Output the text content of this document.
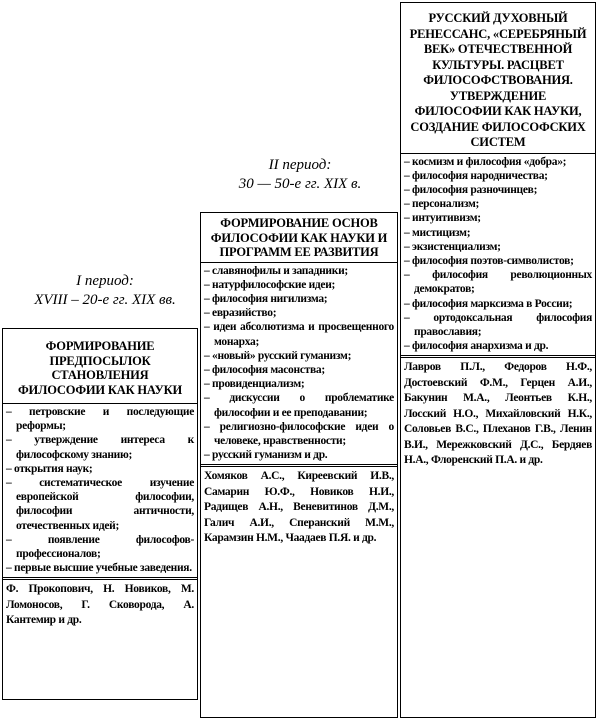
I период:
XVIII – 20-е гг. XIX вв.
II период:
30 — 50-е гг. XIX в.
ФОРМИРОВАНИЕ ПРЕДПОСЫЛОК СТАНОВЛЕНИЯ ФИЛОСОФИИ КАК НАУКИ
– петровские и последующие реформы;
– утверждение интереса к философскому знанию;
– открытия наук;
– систематическое изучение европейской философии, философии античности, отечественных идей;
– появление философов-профессионалов;
– первые высшие учебные заведения.
Ф. Прокопович, Н. Новиков, М. Ломоносов, Г. Сковорода, А. Кантемир и др.
ФОРМИРОВАНИЕ ОСНОВ ФИЛОСОФИИ КАК НАУКИ И ПРОГРАММ ЕЕ РАЗВИТИЯ
– славянофилы и западники;
– натурфилософские идеи;
– философия нигилизма;
– евразийство;
– идеи абсолютизма и просвещенного монарха;
– «новый» русский гуманизм;
– философия масонства;
– провиденциализм;
– дискуссии о проблематике философии и ее преподавании;
– религиозно-философские идеи о человеке, нравственности;
– русский гуманизм и др.
Хомяков А.С., Киреевский И.В., Самарин Ю.Ф., Новиков Н.И., Радищев А.Н., Веневитинов Д.М., Галич А.И., Сперанский М.М., Карамзин Н.М., Чаадаев П.Я. и др.
РУССКИЙ ДУХОВНЫЙ РЕНЕССАНС, «СЕРЕБРЯНЫЙ ВЕК» ОТЕЧЕСТВЕННОЙ КУЛЬТУРЫ. РАСЦВЕТ ФИЛОСОФСТВОВАНИЯ. УТВЕРЖДЕНИЕ ФИЛОСОФИИ КАК НАУКИ, СОЗДАНИЕ ФИЛОСОФСКИХ СИСТЕМ
– космизм и философия «добра»;
– философия народничества;
– философия разночинцев;
– персонализм;
– интуитивизм;
– мистицизм;
– экзистенциализм;
– философия поэтов-символистов;
– философия революционных демократов;
– философия марксизма в России;
– ортодоксальная философия православия;
– философия анархизма и др.
Лавров П.Л., Федоров Н.Ф., Достоевский Ф.М., Герцен А.И., Бакунин М.А., Леонтьев К.Н., Лосский Н.О., Михайловский Н.К., Соловьев В.С., Плеханов Г.В., Ленин В.И., Мережковский Д.С., Бердяев Н.А., Флоренский П.А. и др.
